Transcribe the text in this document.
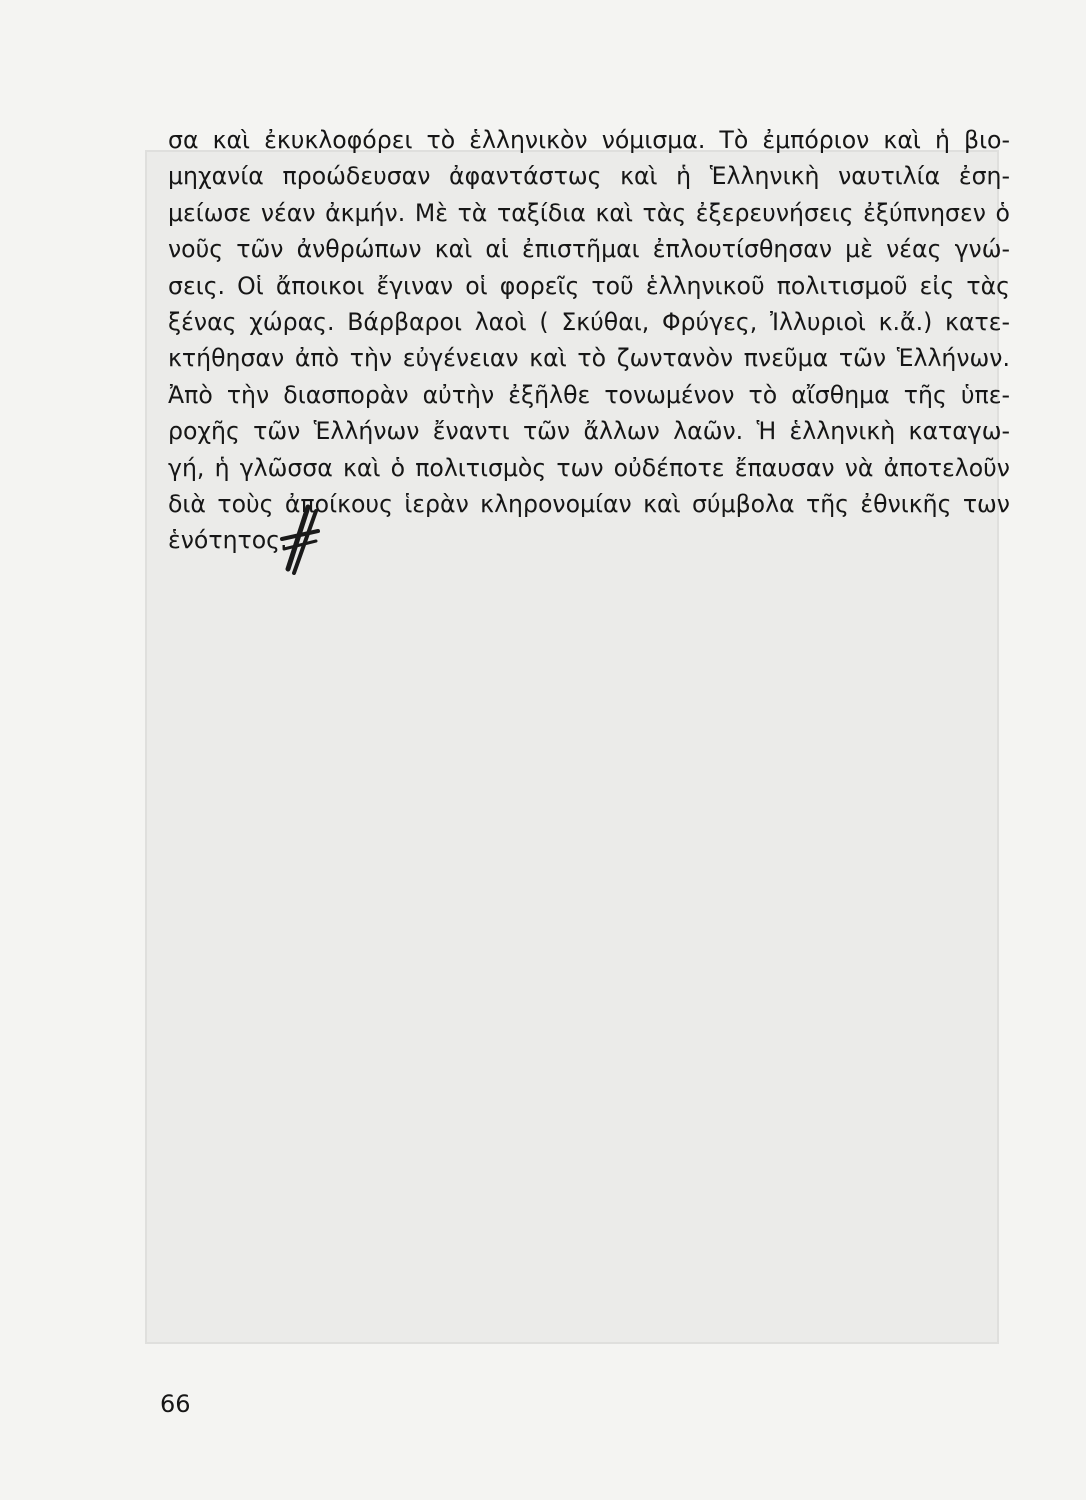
σα καὶ ἐκυκλοφόρει τὸ ἑλληνικὸν νόμισμα. Τὸ ἐμπόριον καὶ ἡ βιο-
μηχανία προώδευσαν ἀφαντάστως καὶ ἡ Ἑλληνικὴ ναυτιλία ἐση-
μείωσε νέαν ἀκμήν. Μὲ τὰ ταξίδια καὶ τὰς ἐξερευνήσεις ἐξύπνησεν ὁ
νοῦς τῶν ἀνθρώπων καὶ αἱ ἐπιστῆμαι ἐπλουτίσθησαν μὲ νέας γνώ-
σεις. Οἱ ἄποικοι ἔγιναν οἱ φορεῖς τοῦ ἑλληνικοῦ πολιτισμοῦ εἰς τὰς
ξένας χώρας. Βάρβαροι λαοὶ ( Σκύθαι, Φρύγες, Ἰλλυριοὶ κ.ἄ.) κατε-
κτήθησαν ἀπὸ τὴν εὐγένειαν καὶ τὸ ζωντανὸν πνεῦμα τῶν Ἑλλήνων.
Ἀπὸ τὴν διασπορὰν αὐτὴν ἐξῆλθε τονωμένον τὸ αἴσθημα τῆς ὑπε-
ροχῆς τῶν Ἑλλήνων ἔναντι τῶν ἄλλων λαῶν. Ἡ ἑλληνικὴ καταγω-
γή, ἡ γλῶσσα καὶ ὁ πολιτισμὸς των οὐδέποτε ἔπαυσαν νὰ ἀποτελοῦν
διὰ τοὺς ἀποίκους ἱερὰν κληρονομίαν καὶ σύμβολα τῆς ἐθνικῆς των
ἑνότητος.
66
